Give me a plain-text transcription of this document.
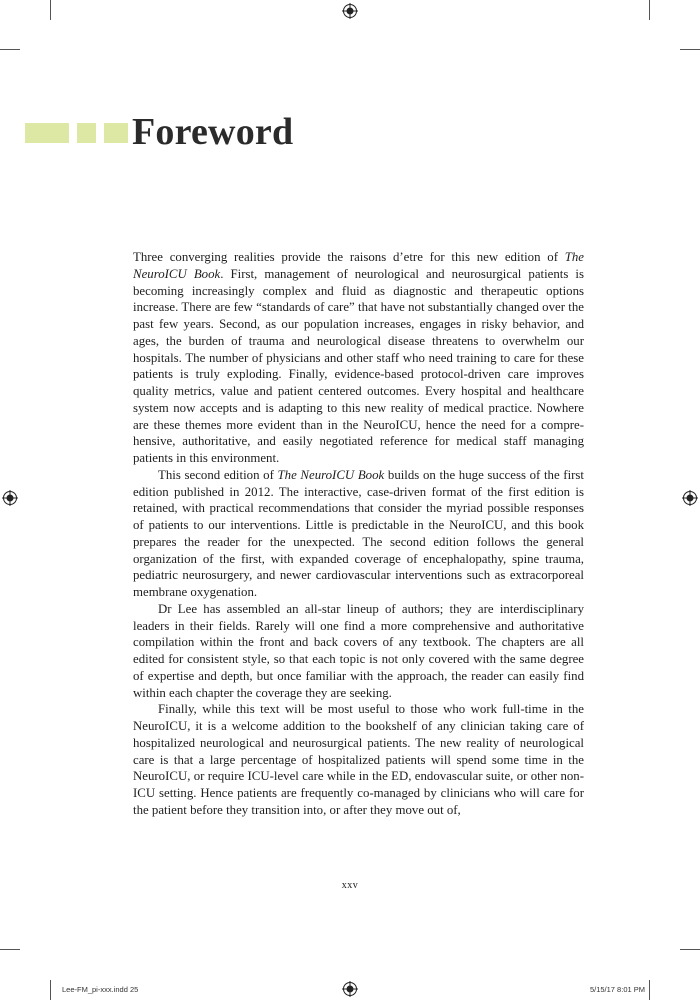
Foreword

Three converging realities provide the raisons d’etre for this new edition of The NeuroICU Book. First, management of neurological and neurosurgical patients is becoming increasingly complex and fluid as diagnostic and therapeutic options increase. There are few “standards of care” that have not substantially changed over the past few years. Second, as our population increases, engages in risky behavior, and ages, the burden of trauma and neurological disease threatens to overwhelm our hospitals. The number of physicians and other staff who need training to care for these patients is truly exploding. Finally, evidence-based protocol-driven care improves quality metrics, value and patient centered outcomes. Every hospital and healthcare system now accepts and is adapting to this new reality of medical practice. Nowhere are these themes more evident than in the NeuroICU, hence the need for a comprehensive, authoritative, and easily negotiated reference for medical staff managing patients in this environment.

This second edition of The NeuroICU Book builds on the huge success of the first edition published in 2012. The interactive, case-driven format of the first edition is retained, with practical recommendations that consider the myriad possible responses of patients to our interventions. Little is predictable in the NeuroICU, and this book prepares the reader for the unexpected. The second edition follows the general organization of the first, with expanded coverage of encephalopathy, spine trauma, pediatric neurosurgery, and newer cardiovascular interventions such as extracorporeal membrane oxygenation.

Dr Lee has assembled an all-star lineup of authors; they are interdisciplinary leaders in their fields. Rarely will one find a more comprehensive and authoritative compilation within the front and back covers of any textbook. The chapters are all edited for consistent style, so that each topic is not only covered with the same degree of expertise and depth, but once familiar with the approach, the reader can easily find within each chapter the coverage they are seeking.

Finally, while this text will be most useful to those who work full-time in the NeuroICU, it is a welcome addition to the bookshelf of any clinician taking care of hospitalized neurological and neurosurgical patients. The new reality of neurological care is that a large percentage of hospitalized patients will spend some time in the NeuroICU, or require ICU-level care while in the ED, endovascular suite, or other non-ICU setting. Hence patients are frequently co-managed by clinicians who will care for the patient before they transition into, or after they move out of,

xxv
Lee-FM_pi-xxx.indd 25	5/15/17 8:01 PM
